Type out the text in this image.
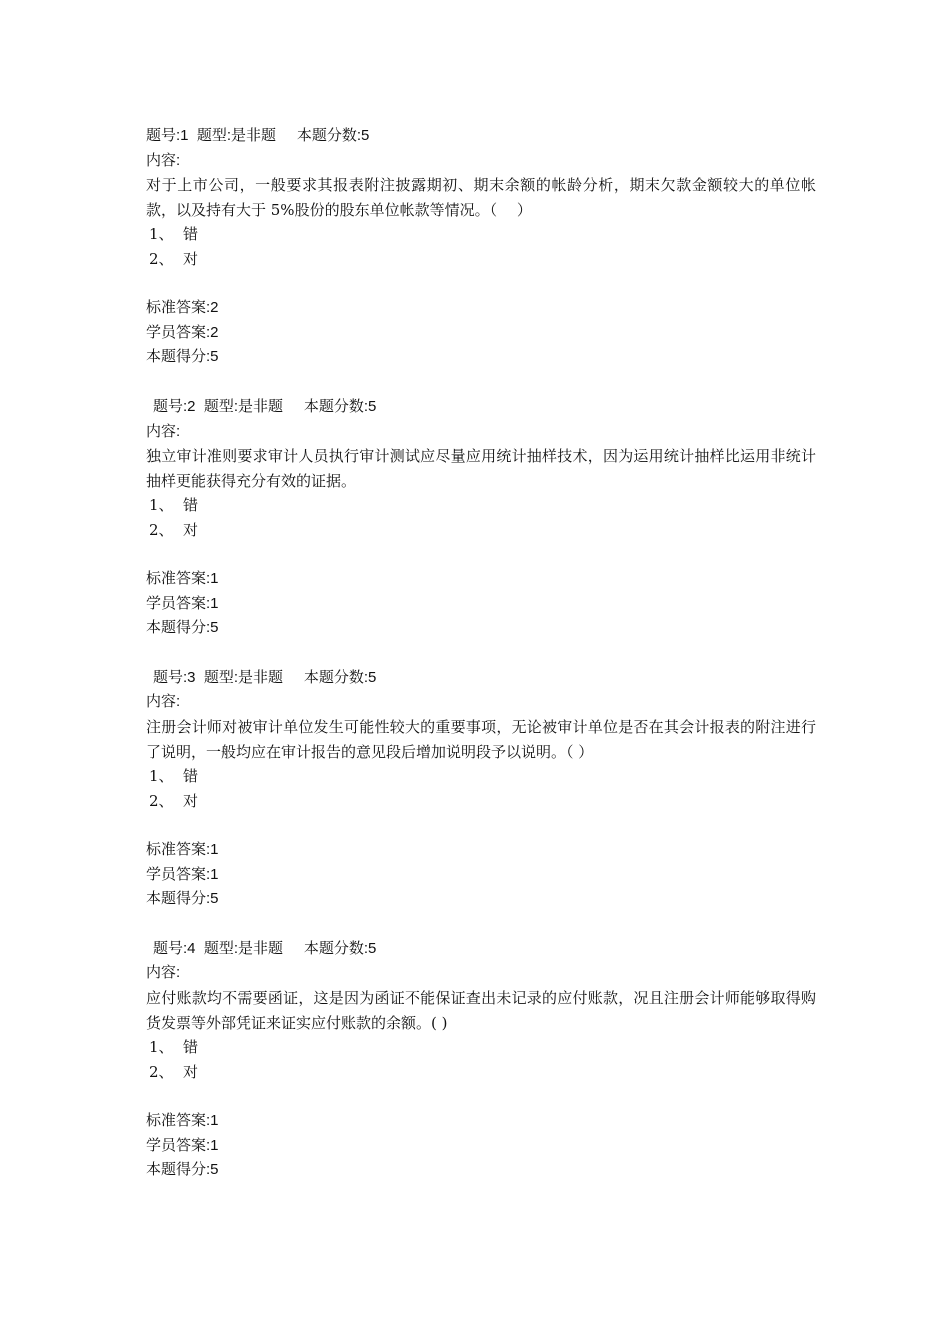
题号:1  题型:是非题     本题分数:5
内容:
对于上市公司，一般要求其报表附注披露期初、期末余额的帐龄分析，期末欠款金额较大的单位帐款，以及持有大于 5%股份的股东单位帐款等情况。（　 ）
1、 错
2、 对
标准答案:2
学员答案:2
本题得分:5
题号:2  题型:是非题     本题分数:5
内容:
独立审计准则要求审计人员执行审计测试应尽量应用统计抽样技术，因为运用统计抽样比运用非统计抽样更能获得充分有效的证据。
1、 错
2、 对
标准答案:1
学员答案:1
本题得分:5
题号:3  题型:是非题     本题分数:5
内容:
注册会计师对被审计单位发生可能性较大的重要事项，无论被审计单位是否在其会计报表的附注进行了说明，一般均应在审计报告的意见段后增加说明段予以说明。（ ）
1、 错
2、 对
标准答案:1
学员答案:1
本题得分:5
题号:4  题型:是非题     本题分数:5
内容:
应付账款均不需要函证，这是因为函证不能保证查出未记录的应付账款，况且注册会计师能够取得购货发票等外部凭证来证实应付账款的余额。( )
1、 错
2、 对
标准答案:1
学员答案:1
本题得分:5
